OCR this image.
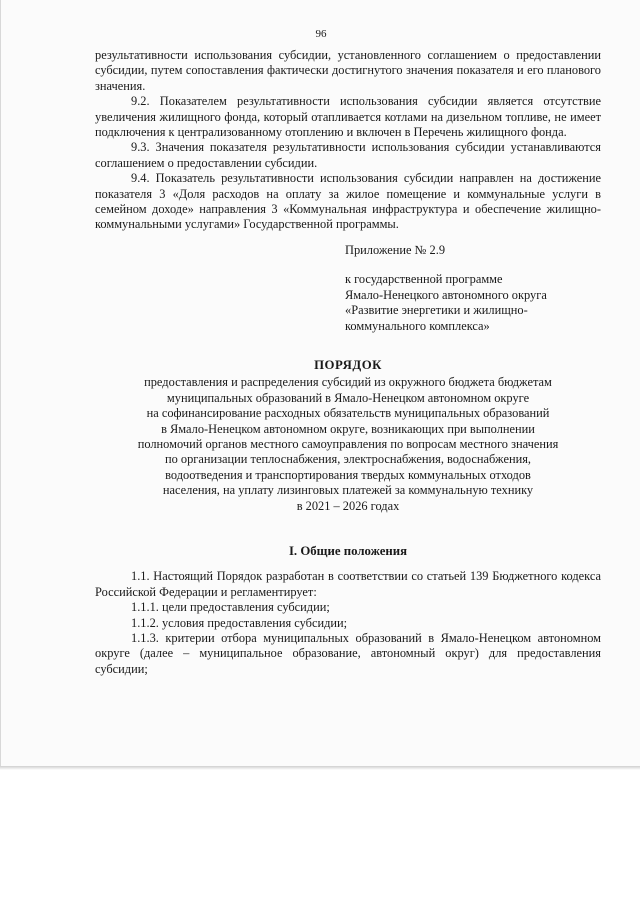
96

результативности использования субсидии, установленного соглашением о предоставлении субсидии, путем сопоставления фактически достигнутого значения показателя и его планового значения.

9.2. Показателем результативности использования субсидии является отсутствие увеличения жилищного фонда, который отапливается котлами на дизельном топливе, не имеет подключения к централизованному отоплению и включен в Перечень жилищного фонда.

9.3. Значения показателя результативности использования субсидии устанавливаются соглашением о предоставлении субсидии.

9.4. Показатель результативности использования субсидии направлен на достижение показателя 3 «Доля расходов на оплату за жилое помещение и коммунальные услуги в семейном доходе» направления 3 «Коммунальная инфраструктура и обеспечение жилищно-коммунальными услугами» Государственной программы.

Приложение № 2.9

к государственной программе

Ямало-Ненецкого автономного округа

«Развитие энергетики и жилищно-

коммунального комплекса»

ПОРЯДОК

предоставления и распределения субсидий из окружного бюджета бюджетам
муниципальных образований в Ямало-Ненецком автономном округе
на софинансирование расходных обязательств муниципальных образований
в Ямало-Ненецком автономном округе, возникающих при выполнении
полномочий органов местного самоуправления по вопросам местного значения
по организации теплоснабжения, электроснабжения, водоснабжения,
водоотведения и транспортирования твердых коммунальных отходов
населения, на уплату лизинговых платежей за коммунальную технику
в 2021 – 2026 годах

I. Общие положения

1.1. Настоящий Порядок разработан в соответствии со статьей 139 Бюджетного кодекса Российской Федерации и регламентирует:

1.1.1. цели предоставления субсидии;

1.1.2. условия предоставления субсидии;

1.1.3. критерии отбора муниципальных образований в Ямало-Ненецком автономном округе (далее – муниципальное образование, автономный округ) для предоставления субсидии;
